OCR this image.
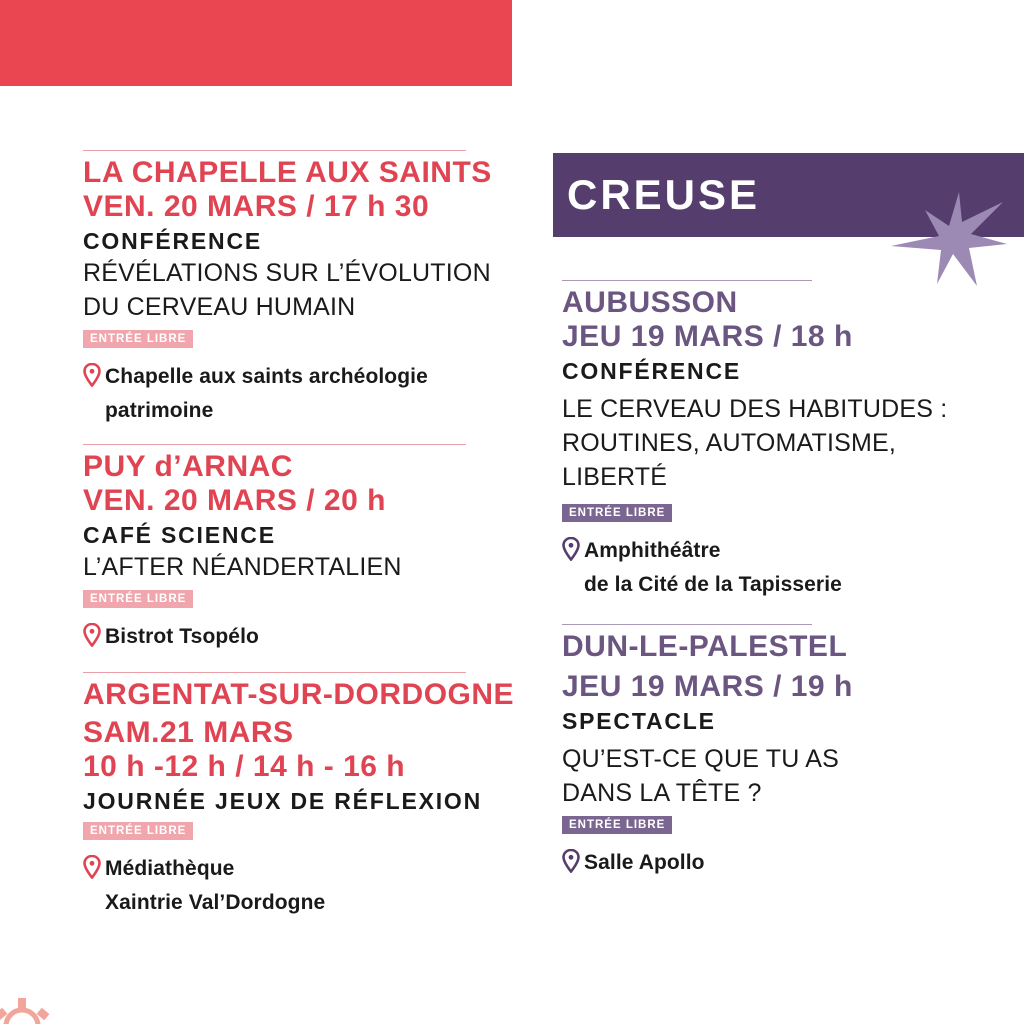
LA CHAPELLE AUX SAINTS
VEN. 20 MARS / 17 h 30
CONFÉRENCE
RÉVÉLATIONS SUR L’ÉVOLUTION
DU CERVEAU HUMAIN
ENTRÉE LIBRE
Chapelle aux saints archéologie
patrimoine
PUY d’ARNAC
VEN. 20 MARS / 20 h
CAFÉ SCIENCE
L’AFTER NÉANDERTALIEN
ENTRÉE LIBRE
Bistrot Tsopélo
ARGENTAT-SUR-DORDOGNE
SAM.21 MARS
10 h -12 h / 14 h - 16 h
JOURNÉE JEUX DE RÉFLEXION
ENTRÉE LIBRE
Médiathèque
Xaintrie Val’Dordogne
CREUSE
AUBUSSON
JEU 19 MARS / 18 h
CONFÉRENCE
LE CERVEAU DES HABITUDES :
ROUTINES, AUTOMATISME,
LIBERTÉ
ENTRÉE LIBRE
Amphithéâtre
de la Cité de la Tapisserie
DUN-LE-PALESTEL
JEU 19 MARS / 19 h
SPECTACLE
QU’EST-CE QUE TU AS
DANS LA TÊTE ?
ENTRÉE LIBRE
Salle Apollo
